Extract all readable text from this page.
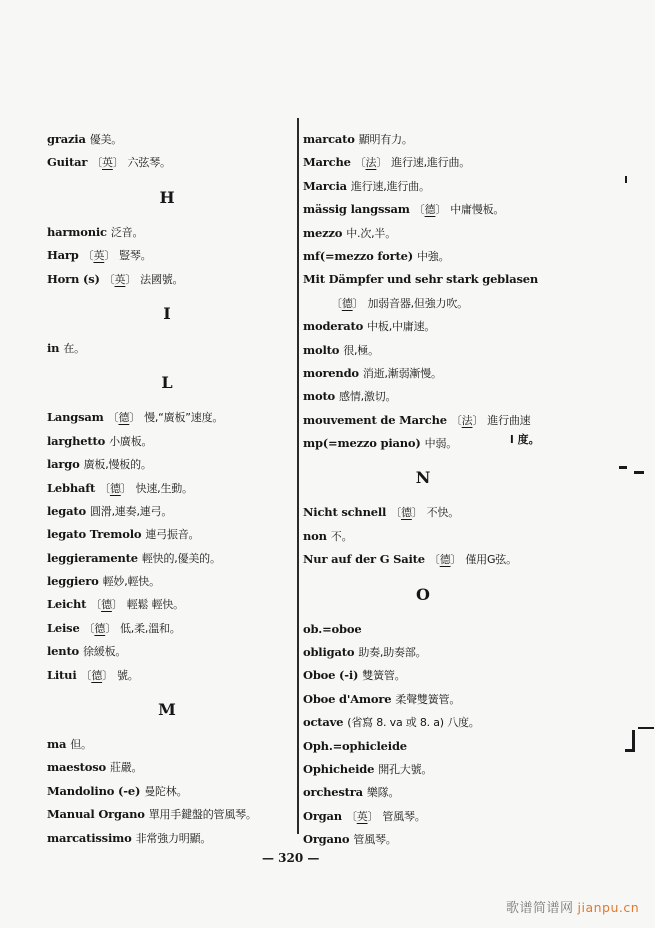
grazia 優美。
Guitar 〔英〕 六弦琴。
H
harmonic 泛音。
Harp 〔英〕 豎琴。
Horn (s) 〔英〕 法國號。
I
in 在。
L
Langsam 〔德〕 慢,“廣板”速度。
larghetto 小廣板。
largo 廣板,慢板的。
Lebhaft 〔德〕 快速,生動。
legato 圓滑,連奏,連弓。
legato Tremolo 連弓振音。
leggieramente 輕快的,優美的。
leggiero 輕妙,輕快。
Leicht 〔德〕 輕鬆 輕快。
Leise 〔德〕 低,柔,溫和。
lento 徐緩板。
Litui 〔德〕 號。
M
ma 但。
maestoso 莊嚴。
Mandolino (-e) 曼陀林。
Manual Organo 單用手鍵盤的管風琴。
marcatissimo 非常強力明顯。
marcato 顯明有力。
Marche 〔法〕 進行速,進行曲。
Marcia 進行速,進行曲。
mässig langssam 〔德〕 中庸慢板。
mezzo 中.次,半。
mf(=mezzo forte) 中強。
Mit Dämpfer und sehr stark geblasen
〔德〕 加弱音器,但強力吹。
moderato 中板,中庸速。
molto 很,極。
morendo 消逝,漸弱漸慢。
moto 感情,激切。
mouvement de Marche 〔法〕 進行曲速
mp(=mezzo piano) 中弱。
N
Nicht schnell 〔德〕 不快。
non 不。
Nur auf der G Saite 〔德〕 僅用G弦。
O
ob.=oboe
obligato 助奏,助奏部。
Oboe (-i) 雙簧管。
Oboe d'Amore 柔聲雙簧管。
octave (省寫 8. va 或 8. a) 八度。
Oph.=ophicleide
Ophicheide 開孔大號。
orchestra 樂隊。
Organ 〔英〕 管風琴。
Organo 管風琴。
l 度。
— 320 —
歌谱简谱网 jianpu.cn
